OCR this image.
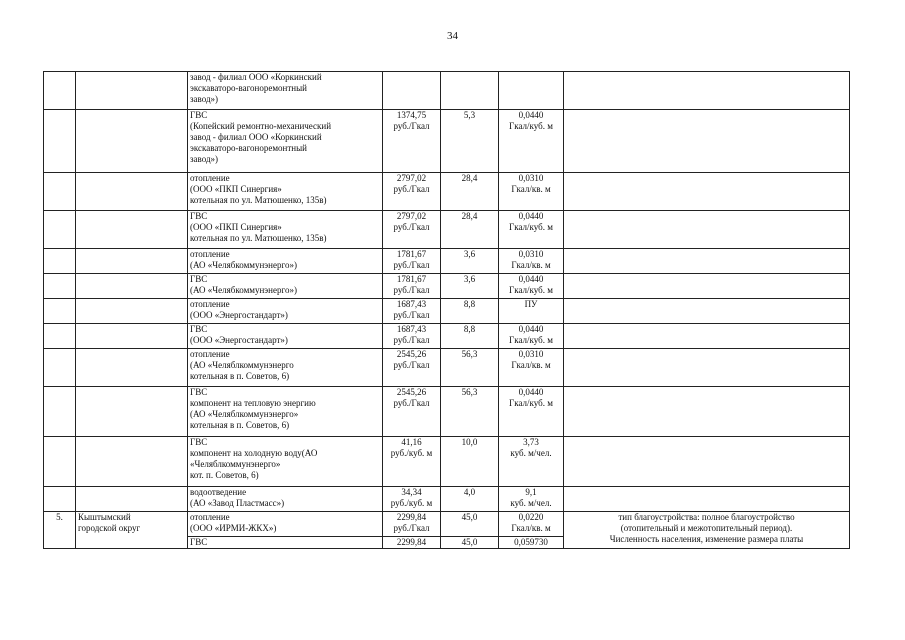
34

		завод - филиал ООО «Коркинский
экскаваторо-вагоноремонтный
завод»)				

		ГВС
(Копейский ремонтно-механический
завод - филиал ООО «Коркинский
экскаваторо-вагоноремонтный
завод»)	1374,75
руб./Гкал	5,3	0,0440
Гкал/куб. м	

		отопление
(ООО «ПКП Синергия»
котельная по ул. Матюшенко, 135в)	2797,02
руб./Гкал	28,4	0,0310
Гкал/кв. м	

		ГВС
(ООО «ПКП Синергия»
котельная по ул. Матюшенко, 135в)	2797,02
руб./Гкал	28,4	0,0440
Гкал/куб. м	

		отопление
(АО «Челябкоммунэнерго»)	1781,67
руб./Гкал	3,6	0,0310
Гкал/кв. м	

		ГВС
(АО «Челябкоммунэнерго»)	1781,67
руб./Гкал	3,6	0,0440
Гкал/куб. м	

		отопление
(ООО «Энергостандарт»)	1687,43
руб./Гкал	8,8	ПУ	

		ГВС
(ООО «Энергостандарт»)	1687,43
руб./Гкал	8,8	0,0440
Гкал/куб. м	

		отопление
(АО «Челяблкоммунэнерго
котельная в п. Советов, 6)	2545,26
руб./Гкал	56,3	0,0310
Гкал/кв. м	

		ГВС
компонент на тепловую энергию
(АО «Челяблкоммунэнерго»
котельная в п. Советов, 6)	2545,26
руб./Гкал	56,3	0,0440
Гкал/куб. м	

		ГВС
компонент на холодную воду(АО
«Челяблкоммунэнерго»
кот. п. Советов, 6)	41,16
руб./куб. м	10,0	3,73
куб. м/чел.	

		водоотведение
(АО «Завод Пластмасс»)	34,34
руб./куб. м	4,0	9,1
куб. м/чел.	

5.	Кыштымский
городской округ	отопление
(ООО «ИРМИ-ЖКХ»)	2299,84
руб./Гкал	45,0	0,0220
Гкал/кв. м	тип благоустройства: полное благоустройство
(отопительный и межотопительный период).
Численность населения, изменение размера платы

		ГВС	2299,84	45,0	0,059730	
